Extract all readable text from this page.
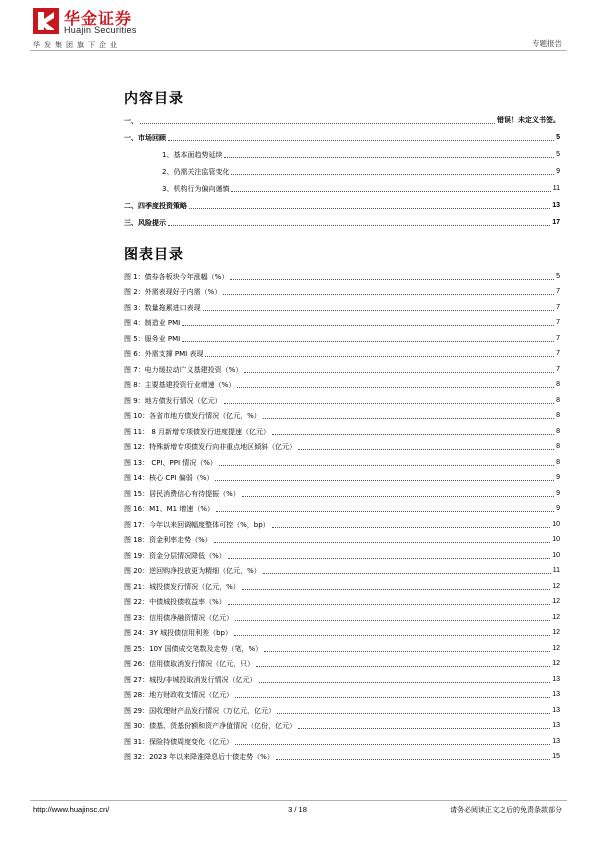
华金证券
Huajin Securities
华发集团旗下企业	专题报告
内容目录
一、	错误！未定义书签。
一、市场回顾	5
1、基本面趋势延续	5
2、仍需关注监管变化	9
3、机构行为偏向谨慎	11
二、四季度投资策略	13
三、风险提示	17
图表目录
图 1：债券各板块今年涨幅（%）	5
图 2：外需表现好于内需（%）	7
图 3：数量拖累进口表现	7
图 4：制造业 PMI	7
图 5：服务业 PMI	7
图 6：外需支撑 PMI 表现	7
图 7：电力缓拉动广义基建投资（%）	7
图 8：主要基建投资行业增速（%）	8
图 9：地方债发行情况（亿元）	8
图 10：各省市地方债发行情况（亿元，%）	8
图 11： 8 月新增专项债发行进度提速（亿元）	8
图 12：特殊新增专项债发行向非重点地区倾斜（亿元）	8
图 13： CPI、PPI 情况（%）	8
图 14：核心 CPI 偏弱（%）	9
图 15：居民消费信心有待提振（%）	9
图 16：M1、M1 增速（%）	9
图 17：今年以来回调幅度整体可控（%，bp）	10
图 18：资金利率走势（%）	10
图 19：资金分层情况降低（%）	10
图 20：逆回购净投放更为精细（亿元，%）	11
图 21：城投债发行情况（亿元，%）	12
图 22：中债城投债收益率（%）	12
图 23：信用债净融资情况（亿元）	12
图 24：3Y 城投债信用利差（bp）	12
图 25：10Y 国债成交笔数及走势（笔，%）	12
图 26：信用债取消发行情况（亿元，只）	12
图 27：城投/非城投取消发行情况（亿元）	13
图 28：地方财政收支情况（亿元）	13
图 29：国收理财产品发行情况（万亿元，亿元）	13
图 30：债基、货基份额和资产净值情况（亿份，亿元）	13
图 31：保险持债周度变化（亿元）	13
图 32：2023 年以来降准降息后十债走势（%）	15
http://www.huajinsc.cn/	3 / 18	请务必阅读正文之后的免责条款部分
